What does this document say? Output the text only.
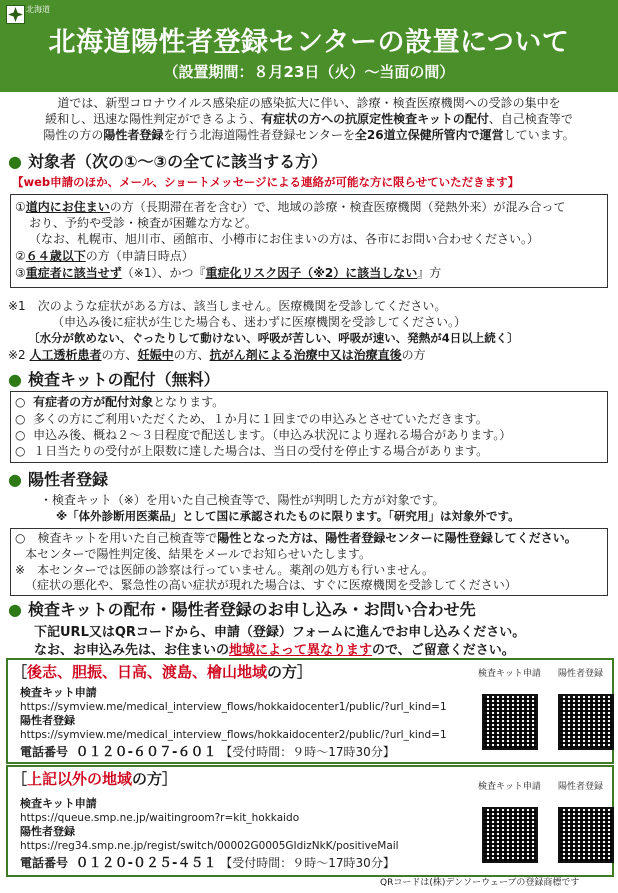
北海道
北海道陽性者登録センターの設置について
（設置期間：８月23日（火）～当面の間）
道では、新型コロナウイルス感染症の感染拡大に伴い、診療・検査医療機関への受診の集中を
緩和し、迅速な陽性判定ができるよう、有症状の方への抗原定性検査キットの配付、自己検査等で
陽性の方の陽性者登録を行う北海道陽性者登録センターを全26道立保健所管内で運営しています。
● 対象者（次の①～③の全てに該当する方）
【web申請のほか、メール、ショートメッセージによる連絡が可能な方に限らせていただきます】
①道内にお住まいの方（長期滞在者を含む）で、地域の診療・検査医療機関（発熱外来）が混み合って
おり、予約や受診・検査が困難な方など。
（なお、札幌市、旭川市、函館市、小樽市にお住まいの方は、各市にお問い合わせください。）
②６４歳以下の方（申請日時点）
③重症者に該当せず（※1）、かつ『重症化リスク因子（※2）に該当しない』方
※1　次のような症状がある方は、該当しません。医療機関を受診してください。
（申込み後に症状が生じた場合も、迷わずに医療機関を受診してください。）
〔水分が飲めない、ぐったりして動けない、呼吸が苦しい、呼吸が速い、発熱が4日以上続く〕
※2 人工透析患者の方、妊娠中の方、抗がん剤による治療中又は治療直後の方
● 検査キットの配付（無料）
○ 有症者の方が配付対象となります。
○ 多くの方にご利用いただくため、１か月に１回までの申込みとさせていただきます。
○ 申込み後、概ね２～３日程度で配送します。（申込み状況により遅れる場合があります。）
○ １日当たりの受付が上限数に達した場合は、当日の受付を停止する場合があります。
● 陽性者登録
・検査キット（※）を用いた自己検査等で、陽性が判明した方が対象です。
※「体外診断用医薬品」として国に承認されたものに限ります。「研究用」は対象外です。
○　検査キットを用いた自己検査等で陽性となった方は、陽性者登録センターに陽性登録してください。
本センターで陽性判定後、結果をメールでお知らせいたします。
※　本センターでは医師の診察は行っていません。薬剤の処方も行いません。
（症状の悪化や、緊急性の高い症状が現れた場合は、すぐに医療機関を受診してください）
● 検査キットの配布・陽性者登録のお申し込み・お問い合わせ先
下記URL又はQRコードから、申請（登録）フォームに進んでお申し込みください。
なお、お申込み先は、お住まいの地域によって異なりますので、ご留意ください。
［後志、胆振、日高、渡島、檜山地域の方］
検査キット申請
https://symview.me/medical_interview_flows/hokkaidocenter1/public/?url_kind=1
陽性者登録
https://symview.me/medical_interview_flows/hokkaidocenter2/public/?url_kind=1
電話番号 ０１２０-６０７-６０１ 【受付時間：９時～17時30分】
検査キット申請 陽性者登録
［上記以外の地域の方］
検査キット申請
https://queue.smp.ne.jp/waitingroom?r=kit_hokkaido
陽性者登録
https://reg34.smp.ne.jp/regist/switch/00002G0005GIdizNkK/positiveMail
電話番号 ０１２０-０２５-４５１ 【受付時間：９時～17時30分】
検査キット申請 陽性者登録
QRコードは(株)デンソーウェーブの登録商標です
